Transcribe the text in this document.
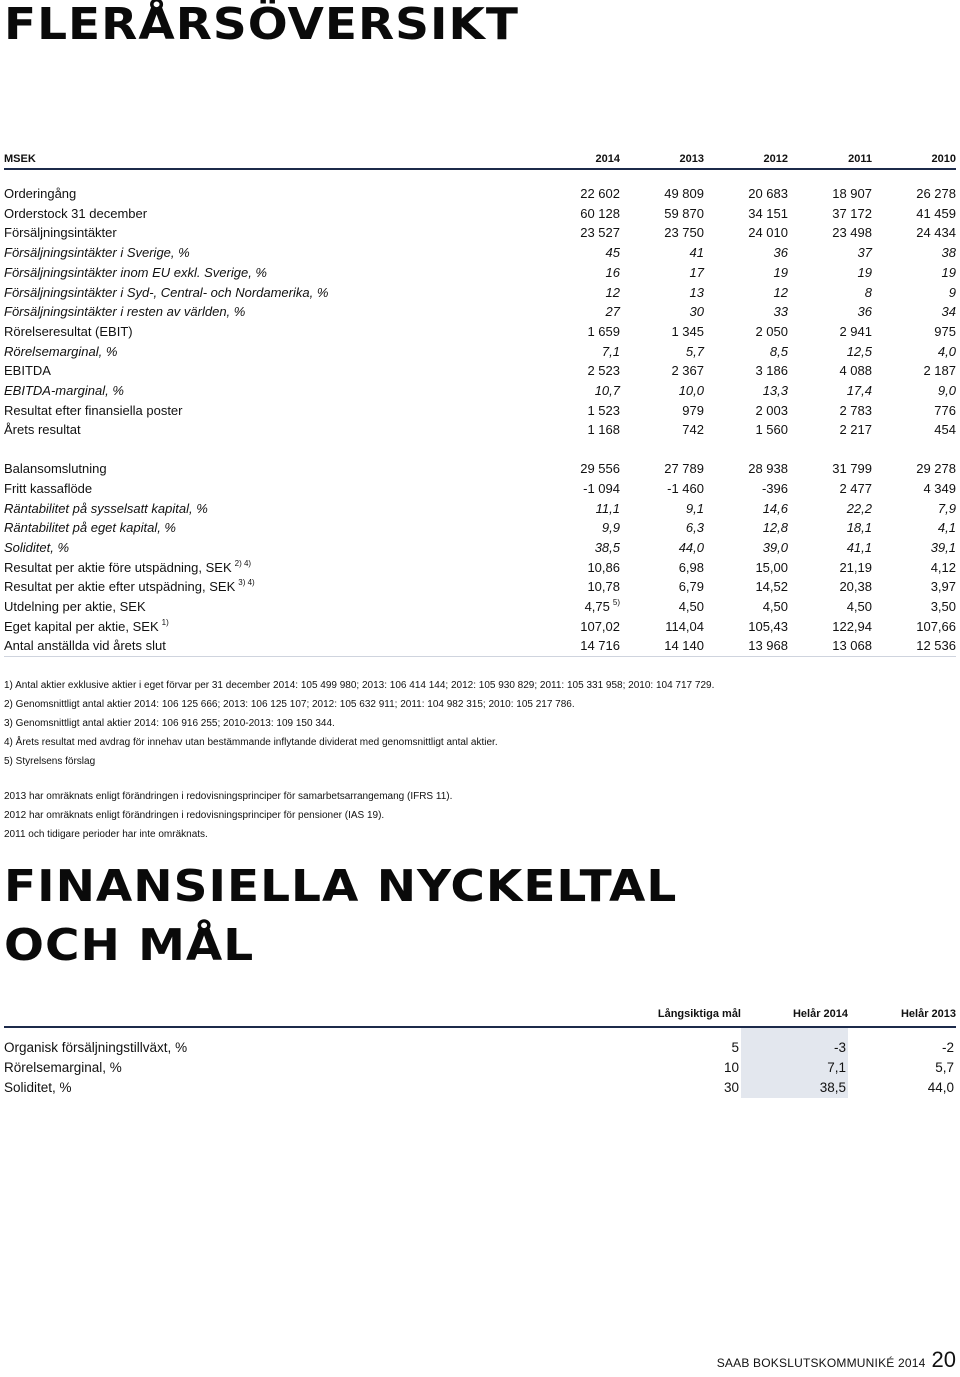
FLERÅRSÖVERSIKT
MSEK	2014	2013	2012	2011	2010
Orderingång	22 602	49 809	20 683	18 907	26 278
Orderstock 31 december	60 128	59 870	34 151	37 172	41 459
Försäljningsintäkter	23 527	23 750	24 010	23 498	24 434
Försäljningsintäkter i Sverige, %	45	41	36	37	38
Försäljningsintäkter inom EU exkl. Sverige, %	16	17	19	19	19
Försäljningsintäkter i Syd-, Central- och Nordamerika, %	12	13	12	8	9
Försäljningsintäkter i resten av världen, %	27	30	33	36	34
Rörelseresultat (EBIT)	1 659	1 345	2 050	2 941	975
Rörelsemarginal, %	7,1	5,7	8,5	12,5	4,0
EBITDA	2 523	2 367	3 186	4 088	2 187
EBITDA-marginal, %	10,7	10,0	13,3	17,4	9,0
Resultat efter finansiella poster	1 523	979	2 003	2 783	776
Årets resultat	1 168	742	1 560	2 217	454
Balansomslutning	29 556	27 789	28 938	31 799	29 278
Fritt kassaflöde	-1 094	-1 460	-396	2 477	4 349
Räntabilitet på sysselsatt kapital, %	11,1	9,1	14,6	22,2	7,9
Räntabilitet på eget kapital, %	9,9	6,3	12,8	18,1	4,1
Soliditet, %	38,5	44,0	39,0	41,1	39,1
Resultat per aktie före utspädning, SEK $^{2) 4)}$	10,86	6,98	15,00	21,19	4,12
Resultat per aktie efter utspädning, SEK $^{3) 4)}$	10,78	6,79	14,52	20,38	3,97
Utdelning per aktie, SEK	4,75 $^{5)}$	4,50	4,50	4,50	3,50
Eget kapital per aktie, SEK $^{1)}$	107,02	114,04	105,43	122,94	107,66
Antal anställda vid årets slut	14 716	14 140	13 968	13 068	12 536

1) Antal aktier exklusive aktier i eget förvar per 31 december 2014: 105 499 980; 2013: 106 414 144; 2012: 105 930 829; 2011: 105 331 958; 2010: 104 717 729.

2) Genomsnittligt antal aktier 2014: 106 125 666; 2013: 106 125 107; 2012: 105 632 911; 2011: 104 982 315; 2010: 105 217 786.

3) Genomsnittligt antal aktier 2014: 106 916 255; 2010-2013: 109 150 344.

4) Årets resultat med avdrag för innehav utan bestämmande inflytande dividerat med genomsnittligt antal aktier.

5) Styrelsens förslag

2013 har omräknats enligt förändringen i redovisningsprinciper för samarbetsarrangemang (IFRS 11).

2012 har omräknats enligt förändringen i redovisningsprinciper för pensioner (IAS 19).

2011 och tidigare perioder har inte omräknats.

FINANSIELLA NYCKELTAL
OCH MÅL
	Långsiktiga mål	Helår 2014	Helår 2013
Organisk försäljningstillväxt, %	5	-3	-2
Rörelsemarginal, %	10	7,1	5,7
Soliditet, %	30	38,5	44,0
SAAB BOKSLUTSKOMMUNIKÉ 2014 20
